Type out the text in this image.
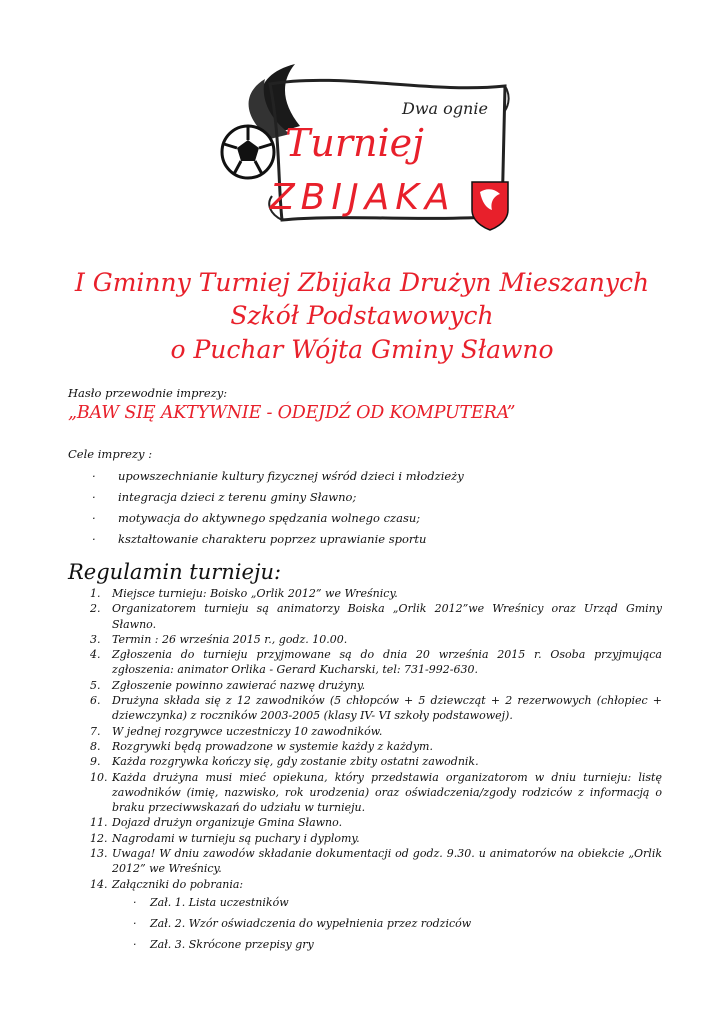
Turniej
ZBIJAKA
Dwa ognie
I Gminny Turniej Zbijaka Drużyn Mieszanych
Szkół Podstawowych
o Puchar Wójta Gminy Sławno
Hasło przewodnie imprezy:
„BAW SIĘ AKTYWNIE - ODEJDŹ OD KOMPUTERA”
Cele imprezy :
· upowszechnianie kultury fizycznej wśród dzieci i młodzieży
· integracja dzieci z terenu gminy Sławno;
· motywacja do aktywnego spędzania wolnego czasu;
· kształtowanie charakteru poprzez uprawianie sportu
Regulamin turnieju:
1. Miejsce turnieju: Boisko „Orlik 2012” we Wreśnicy.
2. Organizatorem turnieju są animatorzy Boiska „Orlik 2012”we Wreśnicy oraz Urząd Gminy Sławno.
3. Termin : 26 września 2015 r., godz. 10.00.
4. Zgłoszenia do turnieju przyjmowane są do dnia 20 września 2015 r. Osoba przyjmująca zgłoszenia: animator Orlika - Gerard Kucharski, tel: 731-992-630.
5. Zgłoszenie powinno zawierać nazwę drużyny.
6. Drużyna składa się z 12 zawodników (5 chłopców + 5 dziewcząt + 2 rezerwowych (chłopiec + dziewczynka) z roczników 2003-2005 (klasy IV- VI szkoły podstawowej).
7. W jednej rozgrywce uczestniczy 10 zawodników.
8. Rozgrywki będą prowadzone w systemie każdy z każdym.
9. Każda rozgrywka kończy się, gdy zostanie zbity ostatni zawodnik.
10. Każda drużyna musi mieć opiekuna, który przedstawia organizatorom w dniu turnieju: listę zawodników (imię, nazwisko, rok urodzenia) oraz oświadczenia/zgody rodziców z informacją o braku przeciwwskazań do udziału w turnieju.
11. Dojazd drużyn organizuje Gmina Sławno.
12. Nagrodami w turnieju są puchary i dyplomy.
13. Uwaga! W dniu zawodów składanie dokumentacji od godz. 9.30. u animatorów na obiekcie „Orlik 2012” we Wreśnicy.
14. Załączniki do pobrania:
· Zał. 1. Lista uczestników
· Zał. 2. Wzór oświadczenia do wypełnienia przez rodziców
· Zał. 3. Skrócone przepisy gry
